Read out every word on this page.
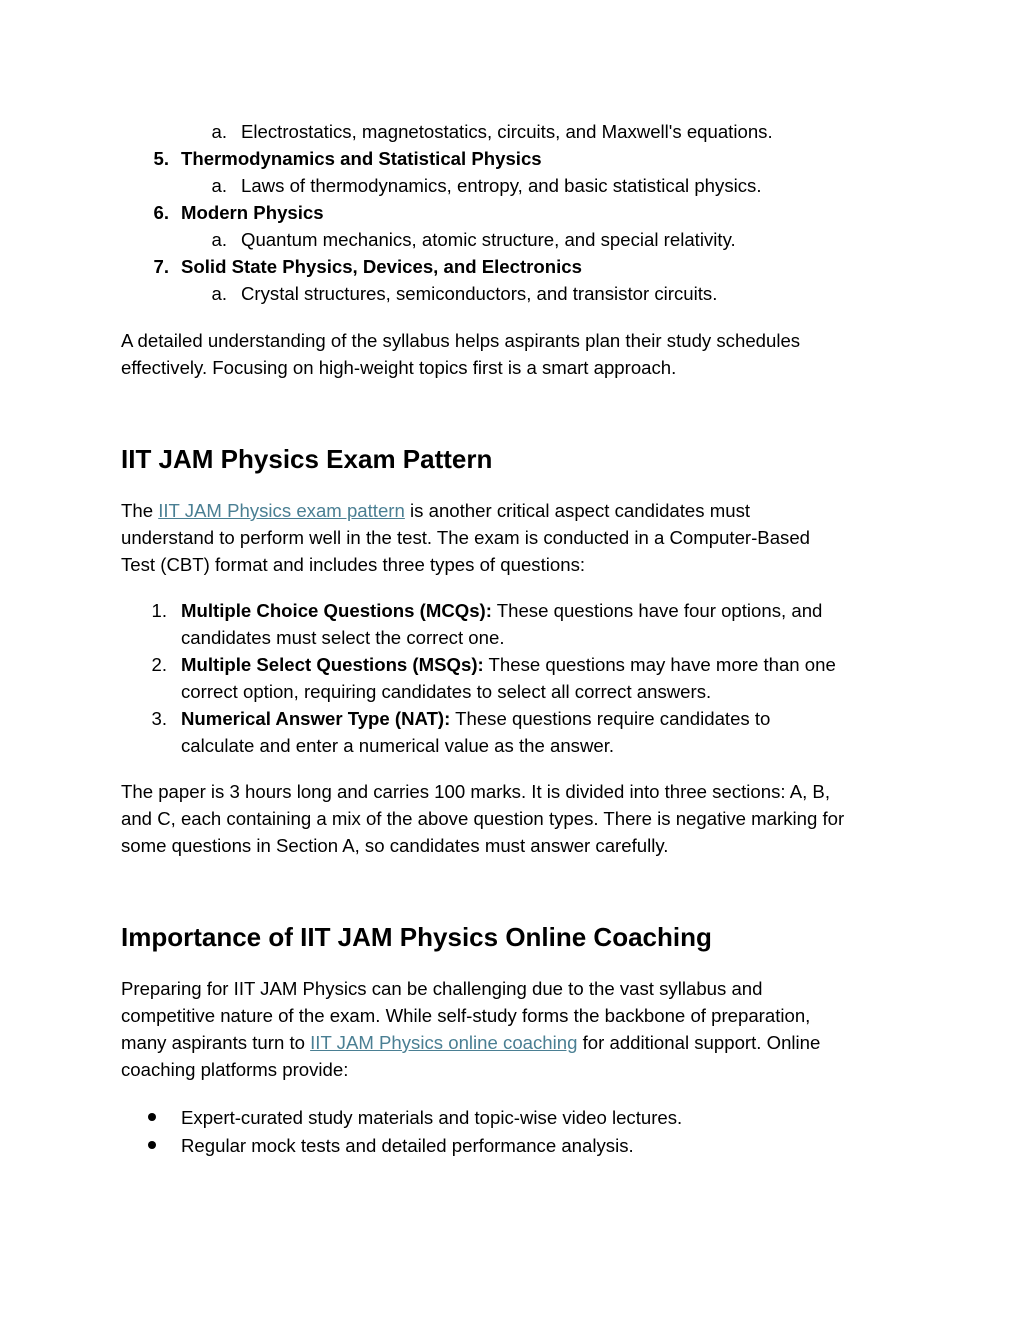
a. Electrostatics, magnetostatics, circuits, and Maxwell's equations.
5. Thermodynamics and Statistical Physics
a. Laws of thermodynamics, entropy, and basic statistical physics.
6. Modern Physics
a. Quantum mechanics, atomic structure, and special relativity.
7. Solid State Physics, Devices, and Electronics
a. Crystal structures, semiconductors, and transistor circuits.
A detailed understanding of the syllabus helps aspirants plan their study schedules
effectively. Focusing on high-weight topics first is a smart approach.
IIT JAM Physics Exam Pattern
The IIT JAM Physics exam pattern is another critical aspect candidates must
understand to perform well in the test. The exam is conducted in a Computer-Based
Test (CBT) format and includes three types of questions:
1. Multiple Choice Questions (MCQs): These questions have four options, and
candidates must select the correct one.
2. Multiple Select Questions (MSQs): These questions may have more than one
correct option, requiring candidates to select all correct answers.
3. Numerical Answer Type (NAT): These questions require candidates to
calculate and enter a numerical value as the answer.
The paper is 3 hours long and carries 100 marks. It is divided into three sections: A, B,
and C, each containing a mix of the above question types. There is negative marking for
some questions in Section A, so candidates must answer carefully.
Importance of IIT JAM Physics Online Coaching
Preparing for IIT JAM Physics can be challenging due to the vast syllabus and
competitive nature of the exam. While self-study forms the backbone of preparation,
many aspirants turn to IIT JAM Physics online coaching for additional support. Online
coaching platforms provide:
Expert-curated study materials and topic-wise video lectures.
Regular mock tests and detailed performance analysis.
